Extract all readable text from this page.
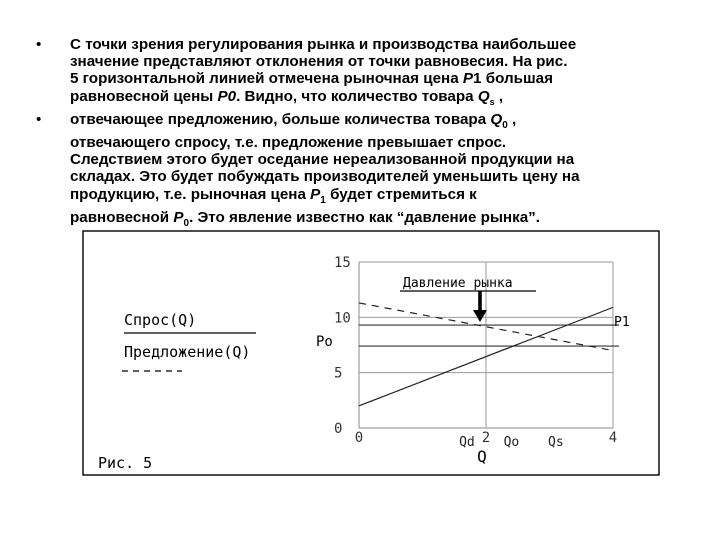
• С точки зрения регулирования рынка и производства наибольшее
значение представляют отклонения от точки равновесия. На рис.
5 горизонтальной линией отмечена рыночная цена P1 большая
равновесной цены P0. Видно, что количество товара $Q_s$ ,
• отвечающее предложению, больше количества товара $Q_0$ ,
отвечающего спросу, т.е. предложение превышает спрос.
Следствием этого будет оседание нереализованной продукции на
складах. Это будет побуждать производителей уменьшить цену на
продукцию, т.е. рыночная цена $P_1$ будет стремиться к
равновесной $P_0$. Это явление известно как “давление рынка”.
Спрос(Q)
Предложение(Q)
Рис. 5
15
10
5
0
0	2	4
Qd Qo Qs
Q
Давление рынка
P1
Po
